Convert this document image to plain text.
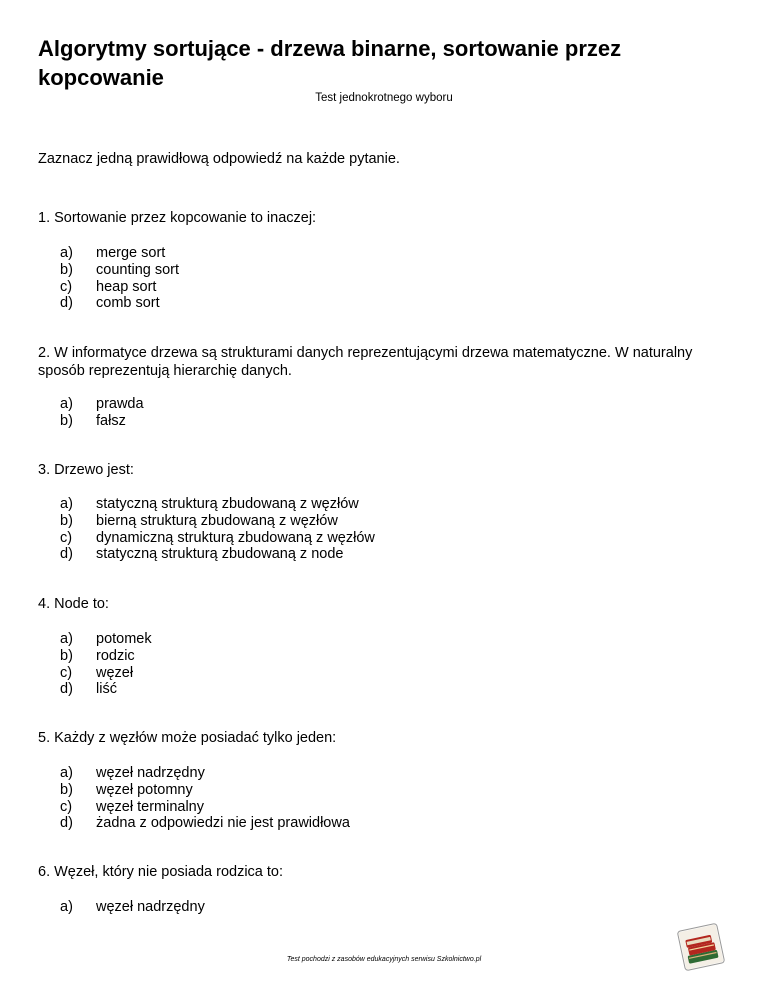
Algorytmy sortujące - drzewa binarne, sortowanie przez kopcowanie

Test jednokrotnego wyboru

Zaznacz jedną prawidłową odpowiedź na każde pytanie.

1. Sortowanie przez kopcowanie to inaczej:

a)	merge sort
b)	counting sort
c)	heap sort
d)	comb sort

2. W informatyce drzewa są strukturami danych reprezentującymi drzewa matematyczne. W naturalny sposób reprezentują hierarchię danych.

a)	prawda
b)	fałsz

3. Drzewo jest:

a)	statyczną strukturą zbudowaną z węzłów
b)	bierną strukturą zbudowaną z węzłów
c)	dynamiczną strukturą zbudowaną z węzłów
d)	statyczną strukturą zbudowaną z node

4. Node to:

a)	potomek
b)	rodzic
c)	węzeł
d)	liść

5. Każdy z węzłów może posiadać tylko jeden:

a)	węzeł nadrzędny
b)	węzeł potomny
c)	węzeł terminalny
d)	żadna z odpowiedzi nie jest prawidłowa

6. Węzeł, który nie posiada rodzica to:

a)	węzeł nadrzędny

Test pochodzi z zasobów edukacyjnych serwisu Szkolnictwo.pl
